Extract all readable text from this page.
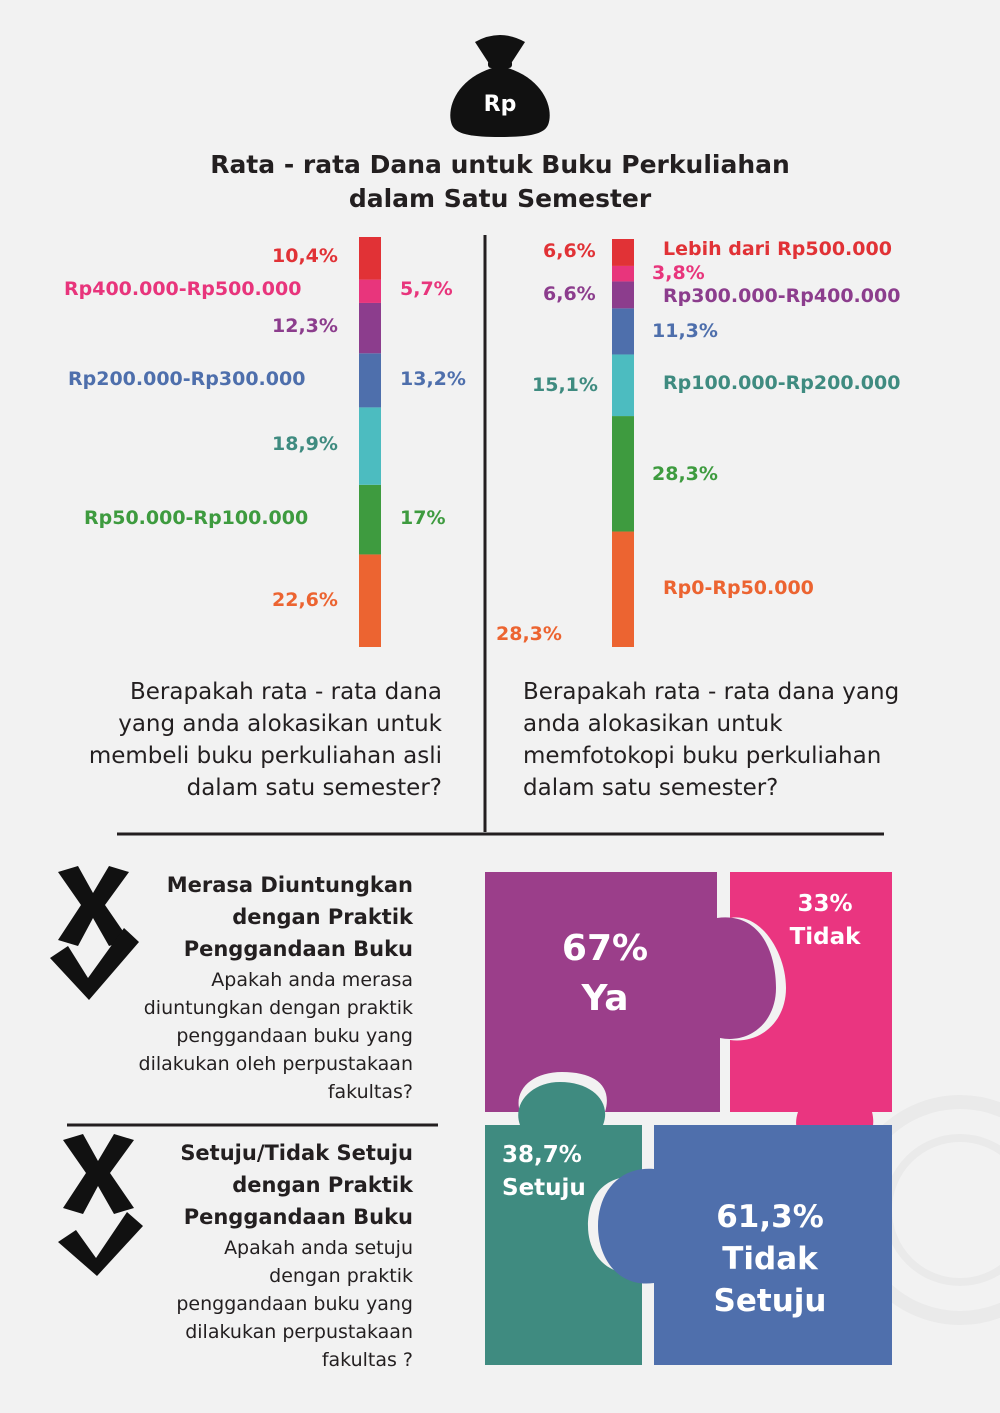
Rp
Rata - rata Dana untuk Buku Perkuliahan
dalam Satu Semester
10,4%
Rp400.000-Rp500.000	5,7%
12,3%
Rp200.000-Rp300.000	13,2%
18,9%
Rp50.000-Rp100.000	17%
22,6%
6,6%	Lebih dari Rp500.000
3,8%
6,6%	Rp300.000-Rp400.000
11,3%
15,1%	Rp100.000-Rp200.000
28,3%
Rp0-Rp50.000
28,3%
Berapakah rata - rata dana
yang anda alokasikan untuk
membeli buku perkuliahan asli
dalam satu semester?
Berapakah rata - rata dana yang
anda alokasikan untuk
memfotokopi buku perkuliahan
dalam satu semester?
Merasa Diuntungkan
dengan Praktik
Penggandaan Buku
Apakah anda merasa
diuntungkan dengan praktik
penggandaan buku yang
dilakukan oleh perpustakaan
fakultas?
Setuju/Tidak Setuju
dengan Praktik
Penggandaan Buku
Apakah anda setuju
dengan praktik
penggandaan buku yang
dilakukan perpustakaan
fakultas ?
67%
Ya
33%
Tidak
38,7%
Setuju
61,3%
Tidak
Setuju
